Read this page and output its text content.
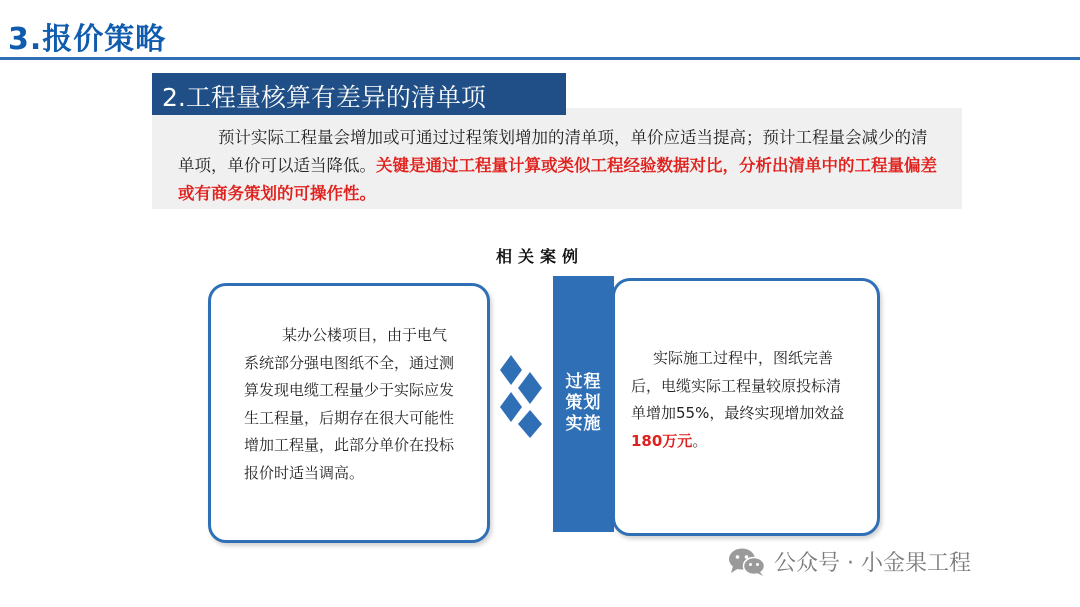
3.报价策略
预计实际工程量会增加或可通过过程策划增加的清单项，单价应适当提高；预计工程量会减少的清单项，单价可以适当降低。关键是通过工程量计算或类似工程经验数据对比，分析出清单中的工程量偏差或有商务策划的可操作性。
2.工程量核算有差异的清单项
相关案例
某办公楼项目，由于电气系统部分强电图纸不全，通过测算发现电缆工程量少于实际应发生工程量，后期存在很大可能性增加工程量，此部分单价在投标报价时适当调高。
过程
策划
实施
实际施工过程中，图纸完善后，电缆实际工程量较原投标清单增加55%，最终实现增加效益180万元。
公众号 · 小金果工程
